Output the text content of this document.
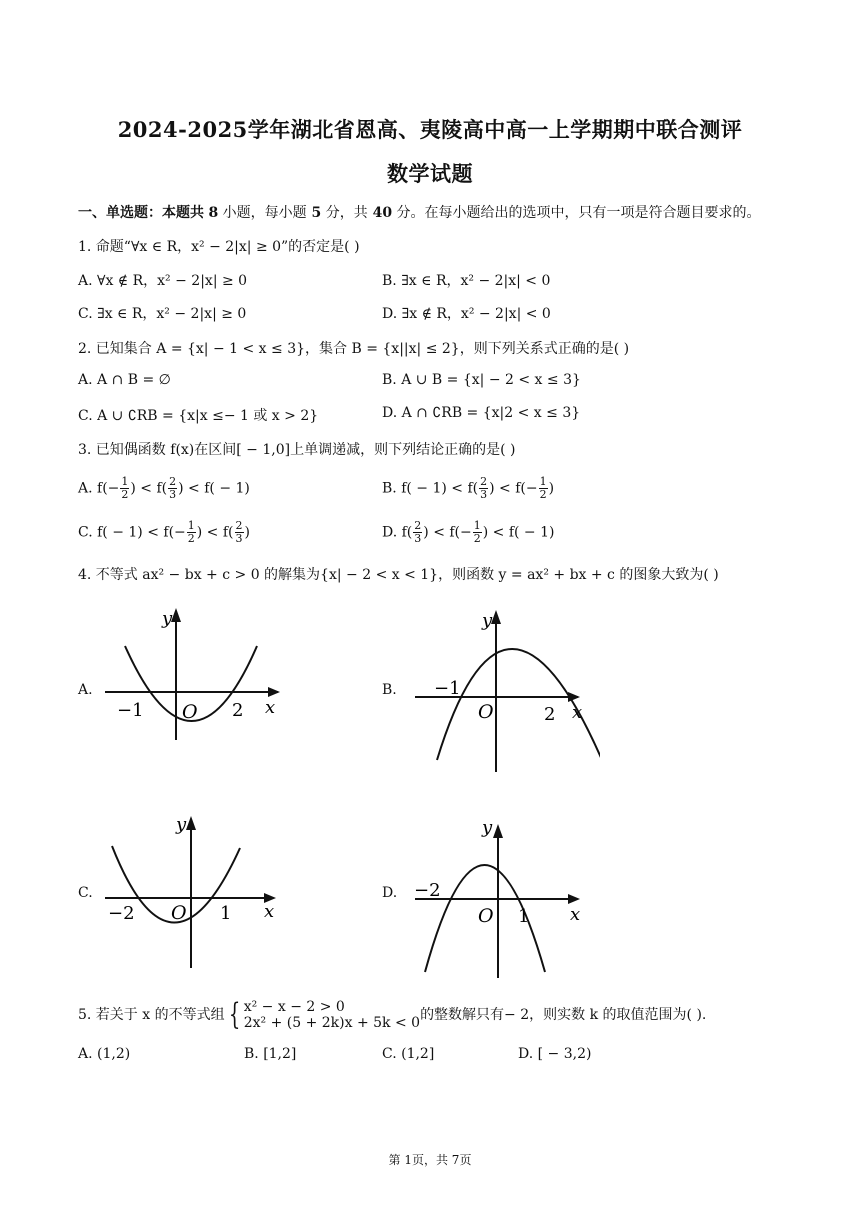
2024-2025学年湖北省恩高、夷陵高中高一上学期期中联合测评
数学试题
一、单选题：本题共 8 小题，每小题 5 分，共 40 分。在每小题给出的选项中，只有一项是符合题目要求的。
1. 命题“∀x ∈ R，x² − 2|x| ≥ 0”的否定是( )
A. ∀x ∉ R，x² − 2|x| ≥ 0	B. ∃x ∈ R，x² − 2|x| < 0
C. ∃x ∈ R，x² − 2|x| ≥ 0	D. ∃x ∉ R，x² − 2|x| < 0
2. 已知集合 A = {x| − 1 < x ≤ 3}，集合 B = {x||x| ≤ 2}，则下列关系式正确的是( )
A. A ∩ B = ∅	B. A ∪ B = {x| − 2 < x ≤ 3}
C. A ∪ ∁RB = {x|x ≤− 1 或 x > 2}	D. A ∩ ∁RB = {x|2 < x ≤ 3}
3. 已知偶函数 f(x)在区间[ − 1,0]上单调递减，则下列结论正确的是( )
A. $f(- \frac{1}{2}$ ) < $f( \frac{2}{3}$ ) < f( − 1)	B. $f( - 1) < f( \frac{2}{3}$ ) < $f(- \frac{1}{2}$ )
C. $f( - 1) < f(- \frac{1}{2}$ ) < $f( \frac{2}{3}$ )	D. $f( \frac{2}{3}$ ) < $f(- \frac{1}{2}$ ) < f( − 1)
4. 不等式 ax² − bx + c > 0 的解集为{x| − 2 < x < 1}，则函数 y = ax² + bx + c 的图象大致为( )
A.
y
x
O
−1	2
B.
y
x
O
−1
2
C.
y
x
O
−2	1
D.
y
x
O
−2
1
5. 若关于 x 的不等式组 { x² − x − 2 > 0
2x² + (5 + 2k)x + 5k < 0 的整数解只有− 2，则实数 k 的取值范围为( ).
A. (1,2)	B. [1,2]	C. (1,2]	D. [ − 3,2)
第 1页，共 7页
